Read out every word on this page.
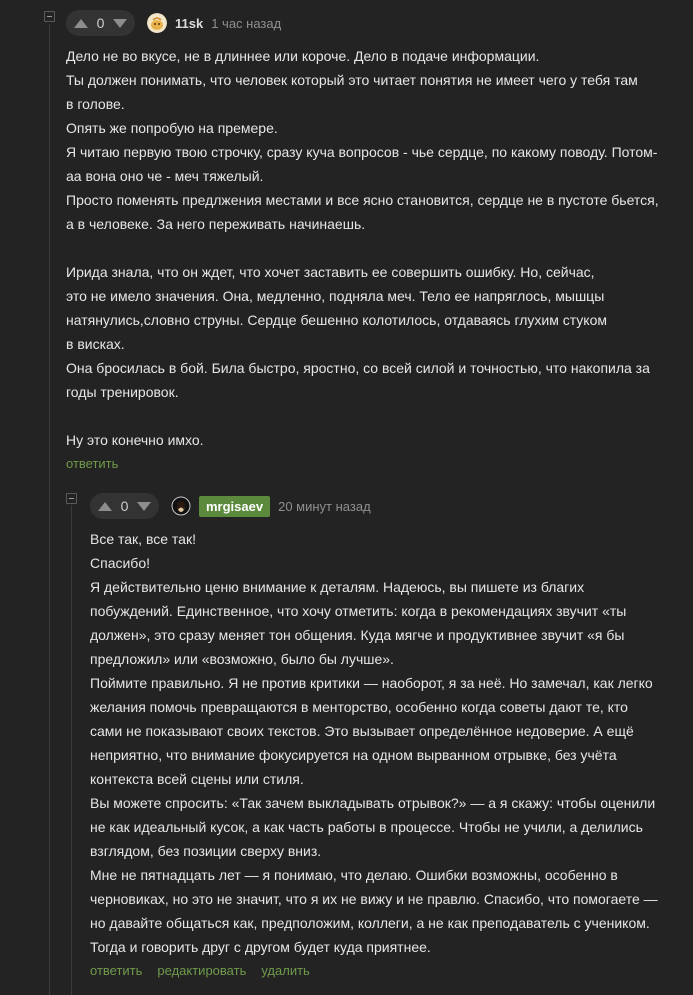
0	11sk 1 час назад
Дело не во вкусе, не в длиннее или короче. Дело в подаче информации.
Ты должен понимать, что человек который это читает понятия не имеет чего у тебя там
в голове.
Опять же попробую на премере.
Я читаю первую твою строчку, сразу куча вопросов - чье сердце, по какому поводу. Потом-
аа вона оно че - меч тяжелый.
Просто поменять предлжения местами и все ясно становится, сердце не в пустоте бьется,
а в человеке. За него переживать начинаешь.
Ирида знала, что он ждет, что хочет заставить ее совершить ошибку. Но, сейчас,
это не имело значения. Она, медленно, подняла меч. Тело ее напряглось, мышцы
натянулись,словно струны. Сердце бешенно колотилось, отдаваясь глухим стуком
в висках.
Она бросилась в бой. Била быстро, яростно, со всей силой и точностью, что накопила за
годы тренировок.
Ну это конечно имхо.
ответить
0	mrgisaev	20 минут назад
Все так, все так!
Спасибо!
Я действительно ценю внимание к деталям. Надеюсь, вы пишете из благих
побуждений. Единственное, что хочу отметить: когда в рекомендациях звучит «ты
должен», это сразу меняет тон общения. Куда мягче и продуктивнее звучит «я бы
предложил» или «возможно, было бы лучше».
Поймите правильно. Я не против критики — наоборот, я за неё. Но замечал, как легко
желания помочь превращаются в менторство, особенно когда советы дают те, кто
сами не показывают своих текстов. Это вызывает определённое недоверие. А ещё
неприятно, что внимание фокусируется на одном вырванном отрывке, без учёта
контекста всей сцены или стиля.
Вы можете спросить: «Так зачем выкладывать отрывок?» — а я скажу: чтобы оценили
не как идеальный кусок, а как часть работы в процессе. Чтобы не учили, а делились
взглядом, без позиции сверху вниз.
Мне не пятнадцать лет — я понимаю, что делаю. Ошибки возможны, особенно в
черновиках, но это не значит, что я их не вижу и не правлю. Спасибо, что помогаете —
но давайте общаться как, предположим, коллеги, а не как преподаватель с учеником.
Тогда и говорить друг с другом будет куда приятнее.
ответить редактировать удалить
